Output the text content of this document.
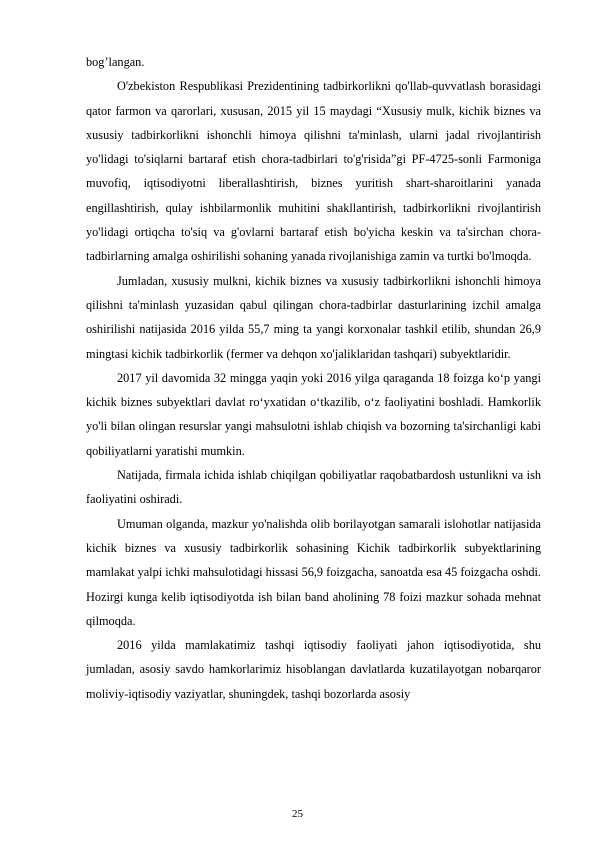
bog’langan.

O'zbekiston Respublikasi Prezidentining tadbirkorlikni qo'llab-quvvatlash borasidagi qator farmon va qarorlari, xususan, 2015 yil 15 maydagi “Xususiy mulk, kichik biznes va xususiy tadbirkorlikni ishonchli himoya qilishni ta'minlash, ularni jadal rivojlantirish yo'lidagi to'siqlarni bartaraf etish chora-tadbirlari to'g'risida”gi PF-4725-sonli Farmoniga muvofiq, iqtisodiyotni liberallashtirish, biznes yuritish shart-sharoitlarini yanada engillashtirish, qulay ishbilarmonlik muhitini shakllantirish, tadbirkorlikni rivojlantirish yo'lidagi ortiqcha to'siq va g'ovlarni bartaraf etish bo'yicha keskin va ta'sirchan chora-tadbirlarning amalga oshirilishi sohaning yanada rivojlanishiga zamin va turtki bo'lmoqda.

Jumladan, xususiy mulkni, kichik biznes va xususiy tadbirkorlikni ishonchli himoya qilishni ta'minlash yuzasidan qabul qilingan chora-tadbirlar dasturlarining izchil amalga oshirilishi natijasida 2016 yilda 55,7 ming ta yangi korxonalar tashkil etilib, shundan 26,9 mingtasi kichik tadbirkorlik (fermer va dehqon xo'jaliklaridan tashqari) subyektlaridir.

2017 yil davomida 32 mingga yaqin yoki 2016 yilga qaraganda 18 foizga ko‘p yangi kichik biznes subyektlari davlat ro‘yxatidan o‘tkazilib, o‘z faoliyatini boshladi. Hamkorlik yo'li bilan olingan resurslar yangi mahsulotni ishlab chiqish va bozorning ta'sirchanligi kabi qobiliyatlarni yaratishi mumkin.

Natijada, firmala ichida ishlab chiqilgan qobiliyatlar raqobatbardosh ustunlikni va ish faoliyatini oshiradi.

Umuman olganda, mazkur yo'nalishda olib borilayotgan samarali islohotlar natijasida kichik biznes va xususiy tadbirkorlik sohasining Kichik tadbirkorlik subyektlarining mamlakat yalpi ichki mahsulotidagi hissasi 56,9 foizgacha, sanoatda esa 45 foizgacha oshdi. Hozirgi kunga kelib iqtisodiyotda ish bilan band aholining 78 foizi mazkur sohada mehnat qilmoqda.

2016 yilda mamlakatimiz tashqi iqtisodiy faoliyati jahon iqtisodiyotida, shu jumladan, asosiy savdo hamkorlarimiz hisoblangan davlatlarda kuzatilayotgan nobarqaror moliviy-iqtisodiy vaziyatlar, shuningdek, tashqi bozorlarda asosiy

25
